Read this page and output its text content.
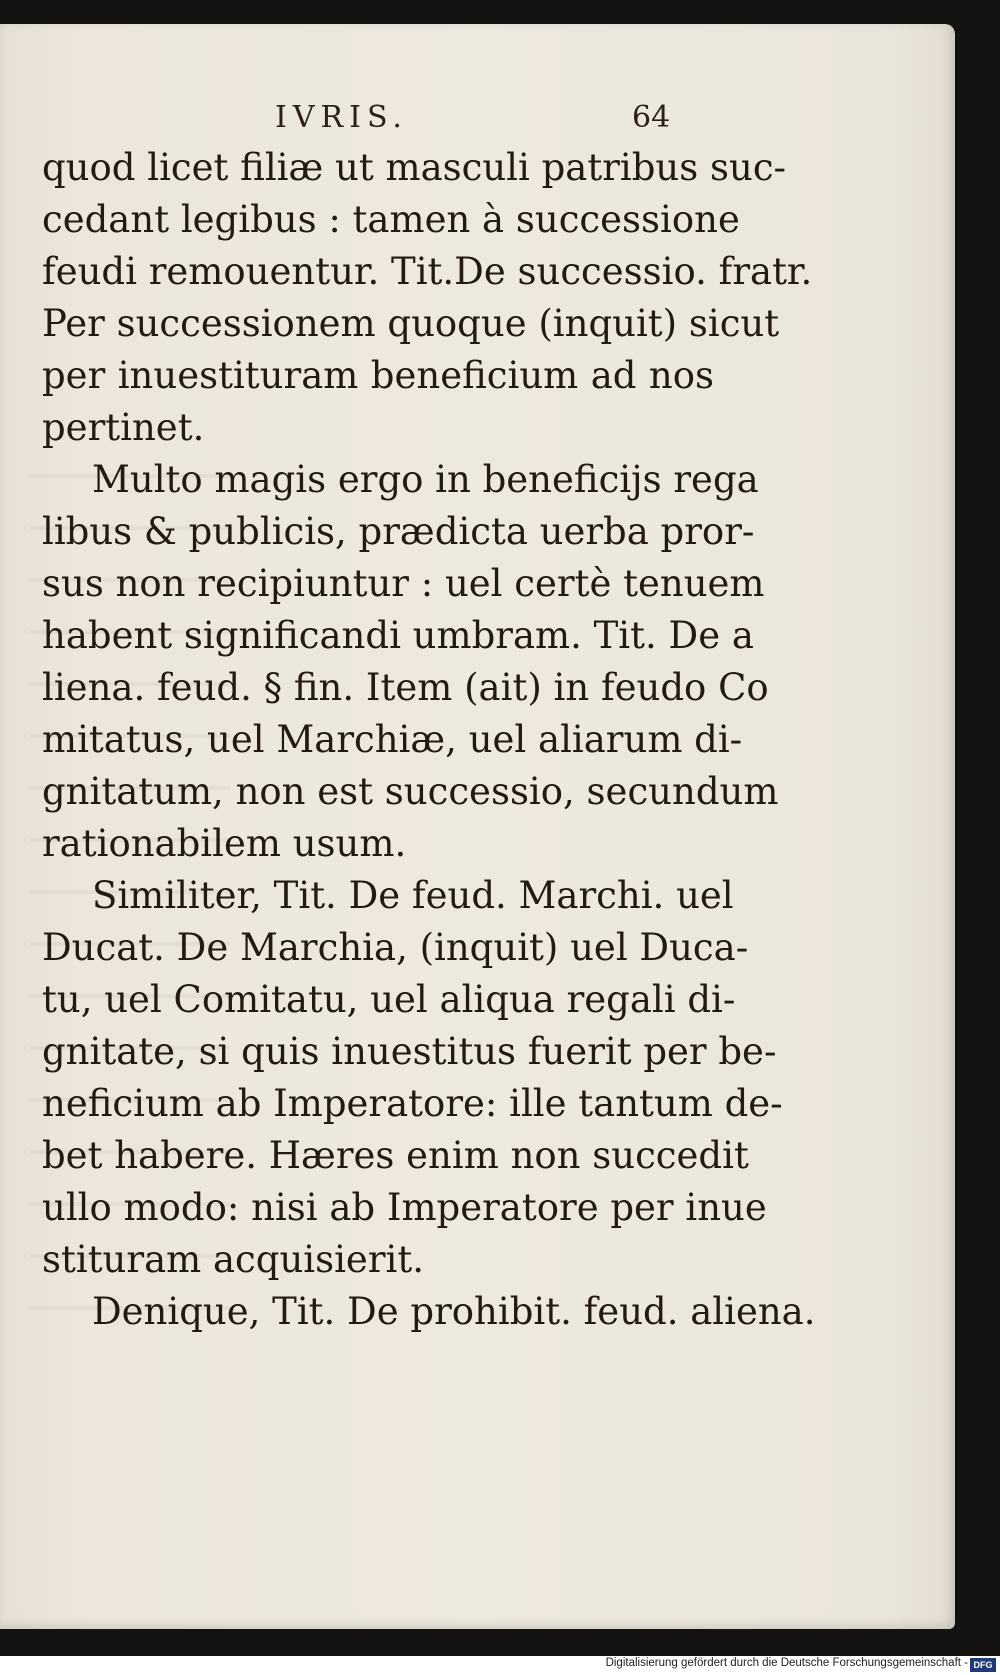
IVRIS.	64
quod licet filiæ ut masculi patribus suc-
cedant legibus : tamen à successione
feudi remouentur. Tit.De successio. fratr.
Per successionem quoque (inquit) sicut
per inuestituram beneficium ad nos
pertinet.
Multo magis ergo in beneficijs rega
libus & publicis, prædicta uerba pror-
sus non recipiuntur : uel certè tenuem
habent significandi umbram. Tit. De a
liena. feud. § fin. Item (ait) in feudo Co
mitatus, uel Marchiæ, uel aliarum di-
gnitatum, non est successio, secundum
rationabilem usum.
Similiter, Tit. De feud. Marchi. uel
Ducat. De Marchia, (inquit) uel Duca-
tu, uel Comitatu, uel aliqua regali di-
gnitate, si quis inuestitus fuerit per be-
neficium ab Imperatore: ille tantum de-
bet habere. Hæres enim non succedit
ullo modo: nisi ab Imperatore per inue
stituram acquisierit.
Denique, Tit. De prohibit. feud. aliena.
Digitalisierung gefördert durch die Deutsche Forschungsgemeinschaft - DFG
